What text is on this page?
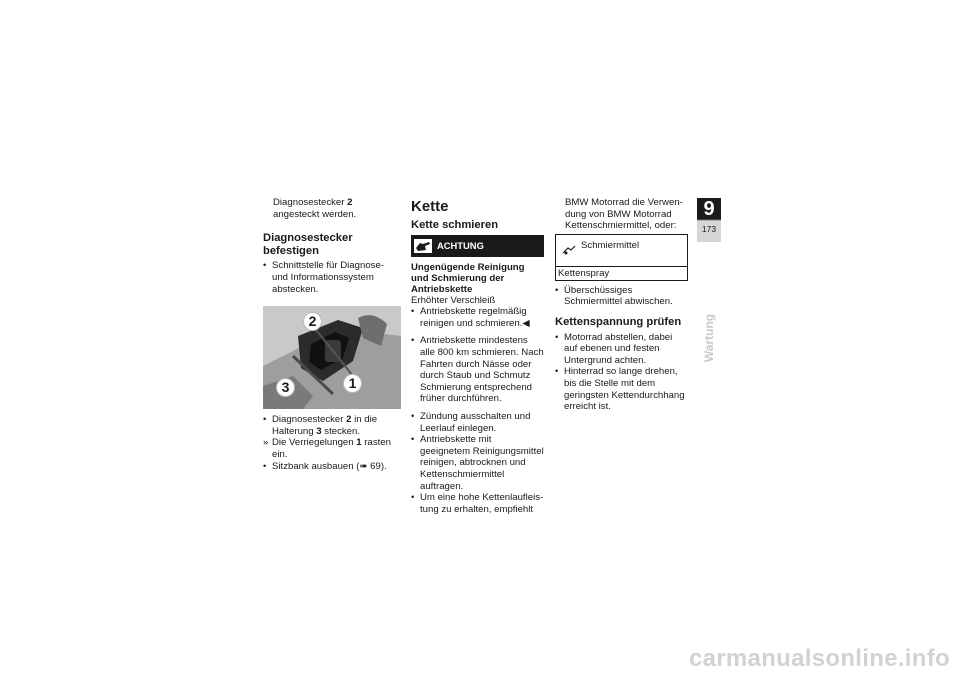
Diagnosestecker 2 angesteckt werden.
Diagnosestecker befestigen
• Schnittstelle für Diagnose- und Informationssystem abstecken.
2
3	1
• Diagnosestecker 2 in die Halterung 3 stecken.
» Die Verriegelungen 1 rasten ein.
• Sitzbank ausbauen (➠ 69).
Kette
Kette schmieren
ACHTUNG
Ungenügende Reinigung und Schmierung der Antriebskette
Erhöhter Verschleiß
• Antriebskette regelmäßig reinigen und schmieren.◀
• Antriebskette mindestens alle 800 km schmieren. Nach Fahrten durch Nässe oder durch Staub und Schmutz Schmierung entsprechend früher durchführen.
• Zündung ausschalten und Leerlauf einlegen.
• Antriebskette mit geeignetem Reinigungsmittel reinigen, abtrocknen und Kettenschmiermittel auftragen.
• Um eine hohe Kettenlaufleistung zu erhalten, empfiehlt
BMW Motorrad die Verwendung von BMW Motorrad Kettenschmiermittel, oder:
Schmiermittel
Kettenspray
• Überschüssiges Schmiermittel abwischen.
Kettenspannung prüfen
• Motorrad abstellen, dabei auf ebenen und festen Untergrund achten.
• Hinterrad so lange drehen, bis die Stelle mit dem geringsten Kettendurchhang erreicht ist.
9
173
Wartung
carmanualsonline.info
